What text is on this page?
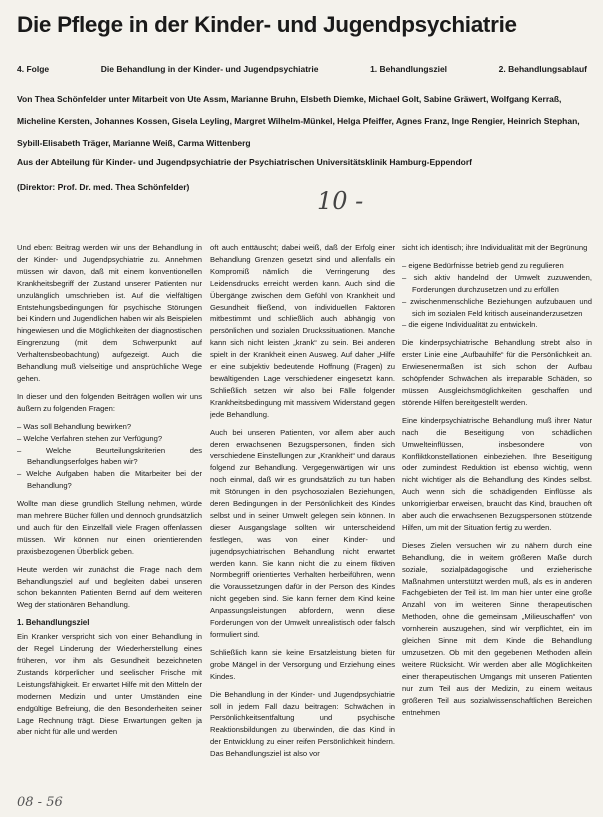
Die Pflege in der Kinder- und Jugendpsychiatrie
4. Folge	Die Behandlung in der Kinder- und Jugendpsychiatrie	1. Behandlungsziel	2. Behandlungsablauf
Von Thea Schönfelder unter Mitarbeit von Ute Assm, Marianne Bruhn, Elsbeth Diemke, Michael Golt, Sabine Gräwert, Wolfgang Kerraß, Micheline Kersten, Johannes Kossen, Gisela Leyling, Margret Wilhelm-Münkel, Helga Pfeiffer, Agnes Franz, Inge Rengier, Heinrich Stephan, Sybill-Elisabeth Träger, Marianne Weiß, Carma Wittenberg
Aus der Abteilung für Kinder- und Jugendpsychiatrie der Psychiatrischen Universitätsklinik Hamburg-Eppendorf
(Direktor: Prof. Dr. med. Thea Schönfelder)	10 -

Und eben: Beitrag werden wir uns der Behandlung in der Kinder- und Jugendpsychiatrie zu. Annehmen müssen wir davon, daß mit einem konventionellen Krankheitsbegriff der Zustand unserer Patienten nur unzulänglich umschrieben ist. Auf die vielfältigen Entstehungsbedingungen für psychische Störungen bei Kindern und Jugendlichen haben wir als Beispielen hingewiesen und die Möglichkeiten der diagnostischen Eingrenzung (mit dem Schwerpunkt auf Verhaltensbeobachtung) aufgezeigt. Auch die Behandlung muß vielseitige und ansprüchliche Wege gehen.

In dieser und den folgenden Beiträgen wollen wir uns äußern zu folgenden Fragen:

– Was soll Behandlung bewirken?
– Welche Verfahren stehen zur Verfügung?
– Welche Beurteilungskriterien des Behandlungserfolges haben wir?
– Welche Aufgaben haben die Mitarbeiter bei der Behandlung?

Wollte man diese grundlich Stellung nehmen, würde man mehrere Bücher füllen und dennoch grundsätzlich und auch für den Einzelfall viele Fragen offenlassen müssen. Wir können nur einen orientierenden praxisbezogenen Überblick geben.

Heute werden wir zunächst die Frage nach dem Behandlungsziel auf und begleiten dabei unseren schon bekannten Patienten Bernd auf dem weiteren Weg der stationären Behandlung.

1. Behandlungsziel

Ein Kranker verspricht sich von einer Behandlung in der Regel Linderung der Wiederherstellung eines früheren, vor ihm als Gesundheit bezeichneten Zustands körperlicher und seelischer Frische mit Leistungsfähigkeit. Er erwartet Hilfe mit den Mitteln der modernen Medizin und unter Umständen eine endgültige Befreiung, die den Besonderheiten seiner Lage Rechnung trägt. Diese Erwartungen gelten ja aber nicht für alle und werden

oft auch enttäuscht; dabei weiß, daß der Erfolg einer Behandlung Grenzen gesetzt sind und allenfalls ein Kompromiß nämlich die Verringerung des Leidensdrucks erreicht werden kann. Auch sind die Übergänge zwischen dem Gefühl von Krankheit und Gesundheit fließend, von individuellen Faktoren mitbestimmt und schließlich auch abhängig von persönlichen und sozialen Druckssituationen. Manche kann sich nicht leisten „krank“ zu sein. Bei anderen spielt in der Krankheit einen Ausweg. Auf daher „Hilfe er eine subjektiv bedeutende Hoffnung (Fragen) zu bewältigenden Lage verschiedener eingesetzt kann. Schließlich setzen wir also bei Fälle folgender Krankheitsbedingung mit massivem Widerstand gegen jede Behandlung.

Auch bei unseren Patienten, vor allem aber auch deren erwachsenen Bezugspersonen, finden sich verschiedene Einstellungen zur „Krankheit“ und daraus folgend zur Behandlung. Vergegenwärtigen wir uns noch einmal, daß wir es grundsätzlich zu tun haben mit Störungen in den psychosozialen Beziehungen, deren Bedingungen in der Persönlichkeit des Kindes selbst und in seiner Umwelt gelegen sein können. In dieser Ausgangslage sollten wir unterscheidend festlegen, was von einer Kinder- und jugendpsychiatrischen Behandlung nicht erwartet werden kann. Sie kann nicht die zu einem fiktiven Normbegriff orientiertes Verhalten herbeiführen, wenn die Voraussetzungen dafür in der Person des Kindes nicht gegeben sind. Sie kann ferner dem Kind keine Anpassungsleistungen abfordern, wenn diese Forderungen von der Umwelt unrealistisch oder falsch formuliert sind.

Schließlich kann sie keine Ersatzleistung bieten für grobe Mängel in der Versorgung und Erziehung eines Kindes.

Die Behandlung in der Kinder- und Jugendpsychiatrie soll in jedem Fall dazu beitragen: Schwächen in Persönlichkeitsentfaltung und psychische Reaktionsbildungen zu überwinden, die das Kind in der Entwicklung zu einer reifen Persönlichkeit hindern. Das Behandlungsziel ist also vor

sicht ich identisch; ihre Individualität mit der Begrünung

– eigene Bedürfnisse betrieb gend zu regulieren
– sich aktiv handelnd der Umwelt zuzuwenden, Forderungen durchzusetzen und zu erfüllen
– zwischenmenschliche Beziehungen aufzubauen und sich im sozialen Feld kritisch auseinanderzusetzen
– die eigene Individualität zu entwickeln.

Die kinderpsychiatrische Behandlung strebt also in erster Linie eine „Aufbauhilfe“ für die Persönlichkeit an. Erwiesenermaßen ist sich schon der Aufbau schöpfender Schwächen als irreparable Schäden, so müssen Ausgleichsmöglichkeiten geschaffen und störende Hilfen bereitgestellt werden.

Eine kinderpsychiatrische Behandlung muß ihrer Natur nach die Beseitigung von schädlichen Umwelteinflüssen, insbesondere von Konfliktkonstellationen einbeziehen. Ihre Beseitigung oder zumindest Reduktion ist ebenso wichtig, wenn nicht wichtiger als die Behandlung des Kindes selbst. Auch wenn sich die schädigenden Einflüsse als unkorrigierbar erweisen, braucht das Kind, brauchen oft aber auch die erwachsenen Bezugspersonen stützende Hilfen, um mit der Situation fertig zu werden.

Dieses Zielen versuchen wir zu nähern durch eine Behandlung, die in weitem größeren Maße durch soziale, sozialpädagogische und erzieherische Maßnahmen unterstützt werden muß, als es in anderen Fachgebieten der Teil ist. Im man hier unter eine große Anzahl von im weiteren Sinne therapeutischen Methoden, ohne die gemeinsam „Milieuschaffen“ von vornherein auszugehen, sind wir verpflichtet, ein im gleichen Sinne mit dem Kinde die Behandlung umzusetzen. Ob mit den gegebenen Methoden allein weitere Rücksicht. Wir werden aber alle Möglichkeiten einer therapeutischen Umgangs mit unseren Patienten nur zum Teil aus der Medizin, zu einem weitaus größeren Teil aus sozialwissenschaftlichen Bereichen entnehmen

08 - 56
